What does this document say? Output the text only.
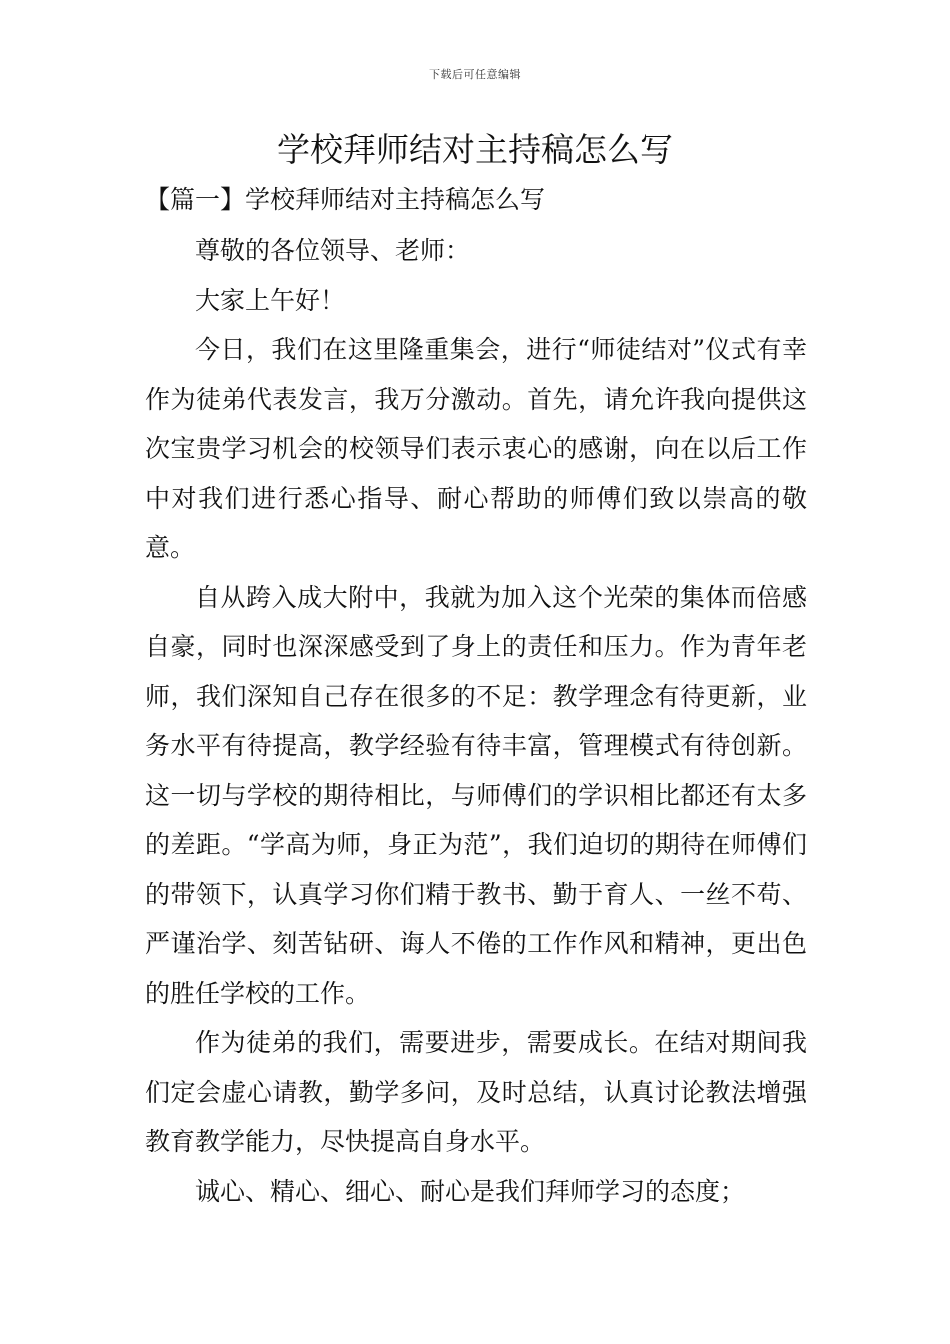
下载后可任意编辑
学校拜师结对主持稿怎么写
【篇一】学校拜师结对主持稿怎么写

尊敬的各位领导、老师：

大家上午好！

今日，我们在这里隆重集会，进行“师徒结对”仪式有幸作为徒弟代表发言，我万分激动。首先，请允许我向提供这次宝贵学习机会的校领导们表示衷心的感谢，向在以后工作中对我们进行悉心指导、耐心帮助的师傅们致以崇高的敬意。

自从跨入成大附中，我就为加入这个光荣的集体而倍感自豪，同时也深深感受到了身上的责任和压力。作为青年老师，我们深知自己存在很多的不足：教学理念有待更新，业务水平有待提高，教学经验有待丰富，管理模式有待创新。这一切与学校的期待相比，与师傅们的学识相比都还有太多的差距。“学高为师，身正为范”，我们迫切的期待在师傅们的带领下，认真学习你们精于教书、勤于育人、一丝不苟、严谨治学、刻苦钻研、诲人不倦的工作作风和精神，更出色的胜任学校的工作。

作为徒弟的我们，需要进步，需要成长。在结对期间我们定会虚心请教，勤学多问，及时总结，认真讨论教法增强教育教学能力，尽快提高自身水平。

诚心、精心、细心、耐心是我们拜师学习的态度；
